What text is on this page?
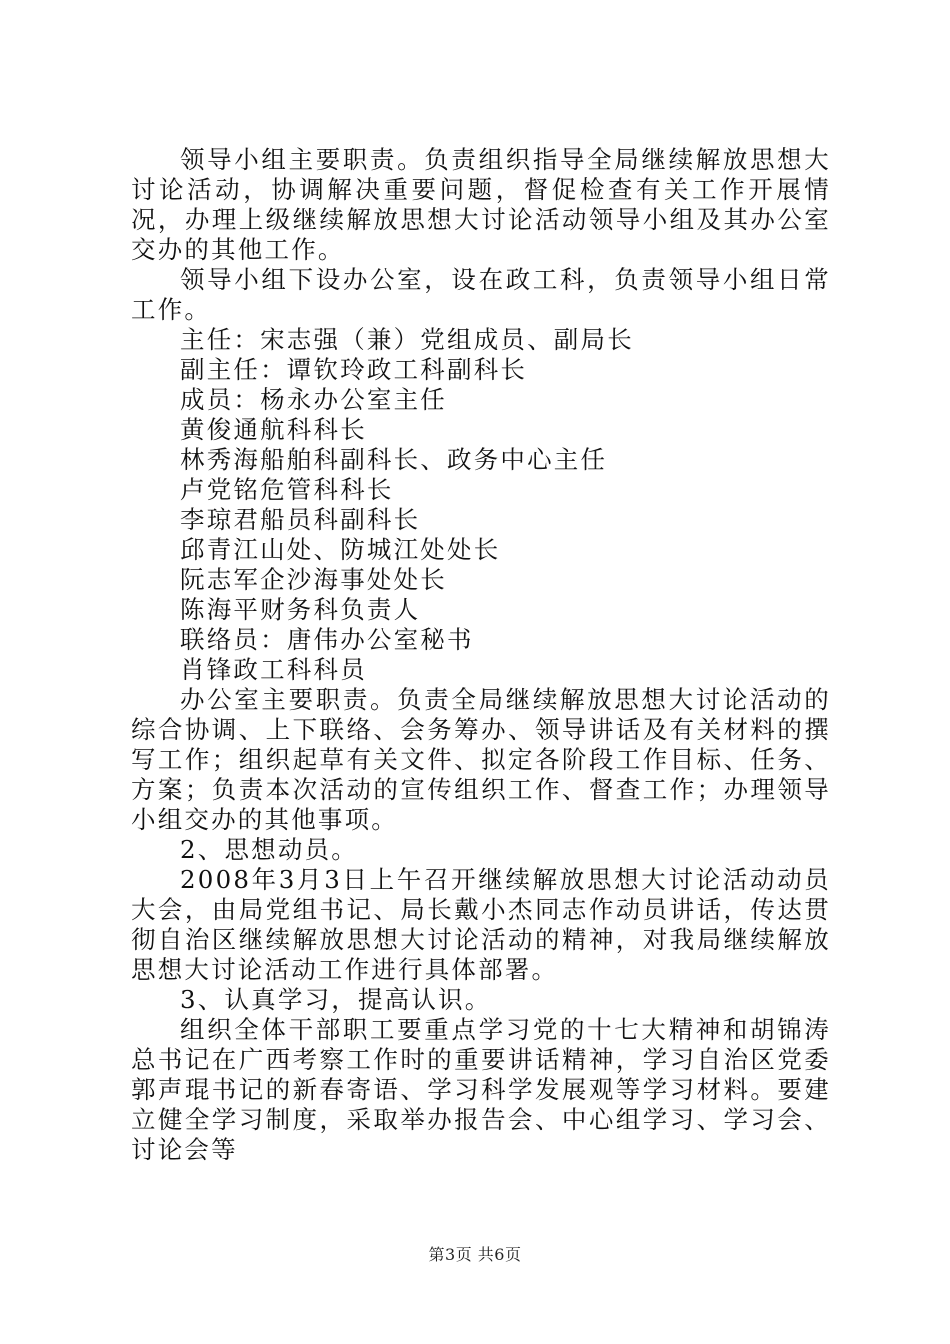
领导小组主要职责。负责组织指导全局继续解放思想大讨论活动，协调解决重要问题，督促检查有关工作开展情况，办理上级继续解放思想大讨论活动领导小组及其办公室交办的其他工作。

领导小组下设办公室，设在政工科，负责领导小组日常工作。

主任：宋志强（兼）党组成员、副局长

副主任：谭钦玲政工科副科长

成员：杨永办公室主任

黄俊通航科科长

林秀海船舶科副科长、政务中心主任

卢党铭危管科科长

李琼君船员科副科长

邱青江山处、防城江处处长

阮志军企沙海事处处长

陈海平财务科负责人

联络员：唐伟办公室秘书

肖锋政工科科员

办公室主要职责。负责全局继续解放思想大讨论活动的综合协调、上下联络、会务筹办、领导讲话及有关材料的撰写工作；组织起草有关文件、拟定各阶段工作目标、任务、方案；负责本次活动的宣传组织工作、督查工作；办理领导小组交办的其他事项。

2、思想动员。

2008年3月3日上午召开继续解放思想大讨论活动动员大会，由局党组书记、局长戴小杰同志作动员讲话，传达贯彻自治区继续解放思想大讨论活动的精神，对我局继续解放思想大讨论活动工作进行具体部署。

3、认真学习，提高认识。

组织全体干部职工要重点学习党的十七大精神和胡锦涛总书记在广西考察工作时的重要讲话精神，学习自治区党委郭声琨书记的新春寄语、学习科学发展观等学习材料。要建立健全学习制度，采取举办报告会、中心组学习、学习会、讨论会等

第3页 共6页
